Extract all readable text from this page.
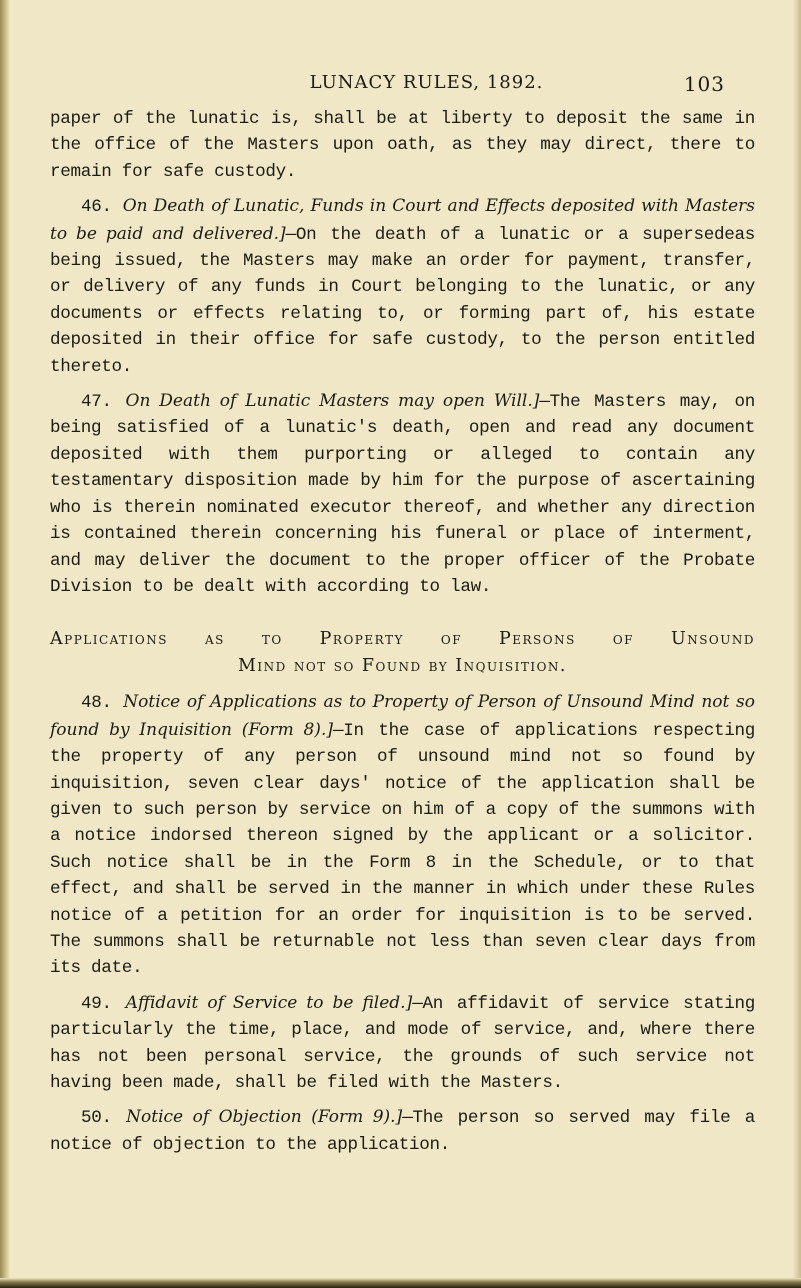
LUNACY RULES, 1892.	103

paper of the lunatic is, shall be at liberty to deposit the same in the office of the Masters upon oath, as they may direct, there to remain for safe custody.

46. On Death of Lunatic, Funds in Court and Effects deposited with Masters to be paid and delivered.]—On the death of a lunatic or a supersedeas being issued, the Masters may make an order for payment, transfer, or delivery of any funds in Court belonging to the lunatic, or any documents or effects relating to, or forming part of, his estate deposited in their office for safe custody, to the person entitled thereto.

47. On Death of Lunatic Masters may open Will.]—The Masters may, on being satisfied of a lunatic's death, open and read any document deposited with them purporting or alleged to contain any testamentary disposition made by him for the purpose of ascertaining who is therein nominated executor thereof, and whether any direction is contained therein concerning his funeral or place of interment, and may deliver the document to the proper officer of the Probate Division to be dealt with according to law.

Applications as to Property of Persons of Unsound
Mind not so Found by Inquisition.

48. Notice of Applications as to Property of Person of Unsound Mind not so found by Inquisition (Form 8).]—In the case of applications respecting the property of any person of unsound mind not so found by inquisition, seven clear days' notice of the application shall be given to such person by service on him of a copy of the summons with a notice indorsed thereon signed by the applicant or a solicitor. Such notice shall be in the Form 8 in the Schedule, or to that effect, and shall be served in the manner in which under these Rules notice of a petition for an order for inquisition is to be served. The summons shall be returnable not less than seven clear days from its date.

49. Affidavit of Service to be filed.]—An affidavit of service stating particularly the time, place, and mode of service, and, where there has not been personal service, the grounds of such service not having been made, shall be filed with the Masters.

50. Notice of Objection (Form 9).]—The person so served may file a notice of objection to the application.
